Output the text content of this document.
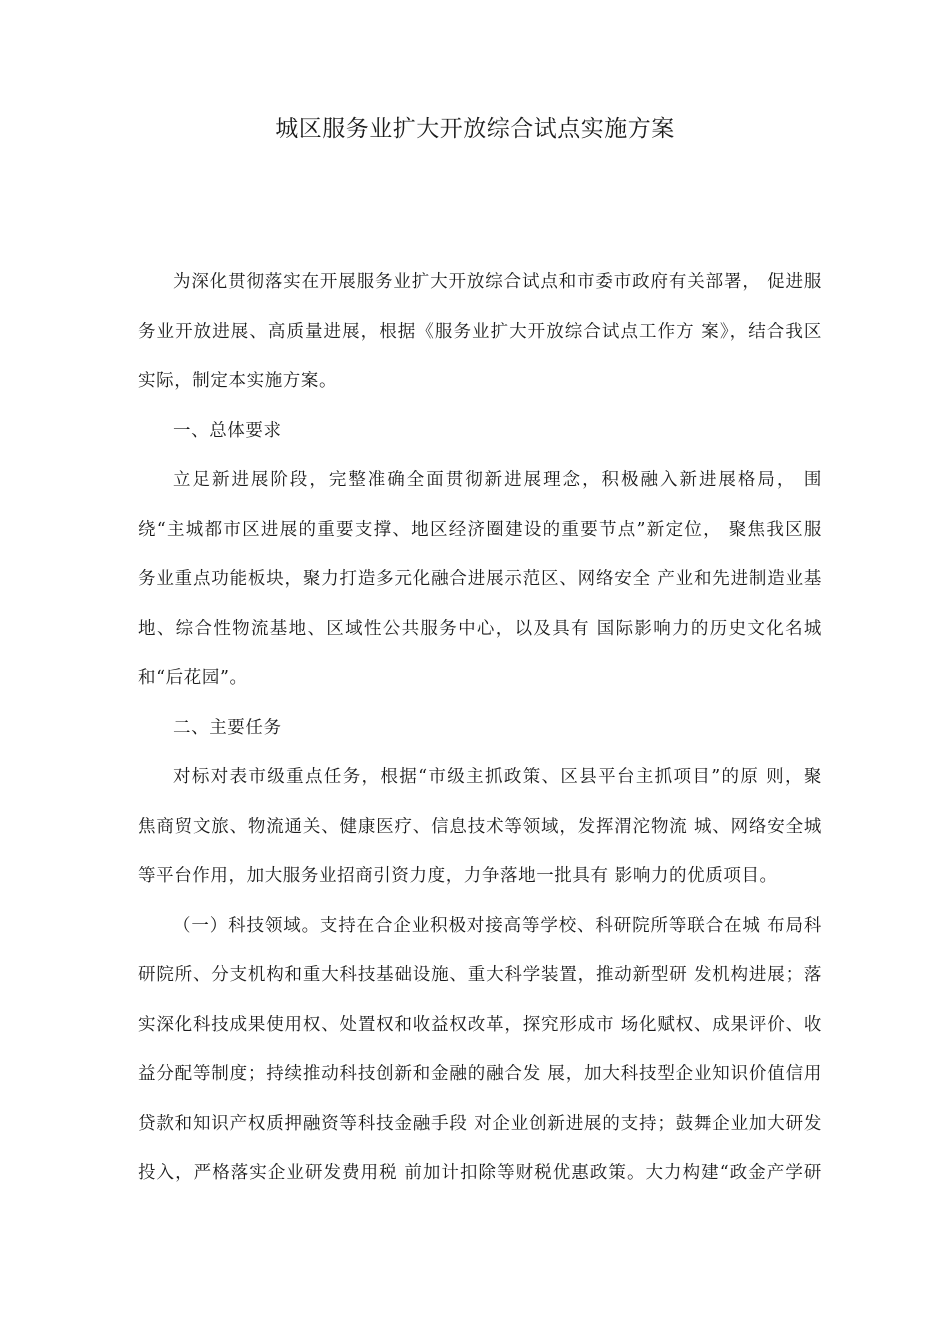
城区服务业扩大开放综合试点实施方案
为深化贯彻落实在开展服务业扩大开放综合试点和市委市政府有关部署， 促进服
务业开放进展、高质量进展，根据《服务业扩大开放综合试点工作方 案》，结合我区
实际，制定本实施方案。
一、总体要求
立足新进展阶段，完整准确全面贯彻新进展理念，积极融入新进展格局， 围
绕“主城都市区进展的重要支撑、地区经济圈建设的重要节点”新定位， 聚焦我区服
务业重点功能板块，聚力打造多元化融合进展示范区、网络安全 产业和先进制造业基
地、综合性物流基地、区域性公共服务中心，以及具有 国际影响力的历史文化名城
和“后花园”。
二、主要任务
对标对表市级重点任务，根据“市级主抓政策、区县平台主抓项目”的原 则，聚
焦商贸文旅、物流通关、健康医疗、信息技术等领域，发挥渭沱物流 城、网络安全城
等平台作用，加大服务业招商引资力度，力争落地一批具有 影响力的优质项目。
（一）科技领域。支持在合企业积极对接高等学校、科研院所等联合在城 布局科
研院所、分支机构和重大科技基础设施、重大科学装置，推动新型研 发机构进展；落
实深化科技成果使用权、处置权和收益权改革，探究形成市 场化赋权、成果评价、收
益分配等制度；持续推动科技创新和金融的融合发 展，加大科技型企业知识价值信用
贷款和知识产权质押融资等科技金融手段 对企业创新进展的支持；鼓舞企业加大研发
投入，严格落实企业研发费用税 前加计扣除等财税优惠政策。大力构建“政金产学研
